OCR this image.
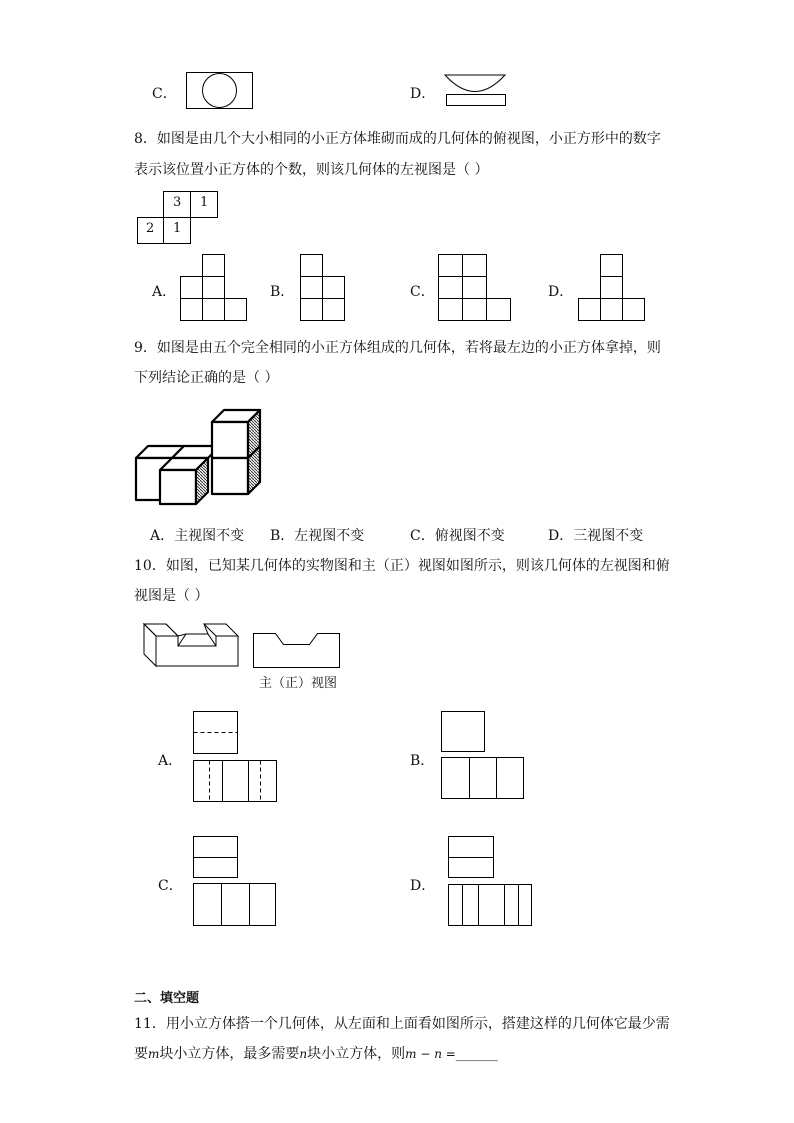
C．	D．
8．如图是由几个大小相同的小正方体堆砌而成的几何体的俯视图，小正方形中的数字
表示该位置小正方体的个数，则该几何体的左视图是（ ）
3 1
2 1
A．	B．	C．	D．
9．如图是由五个完全相同的小正方体组成的几何体，若将最左边的小正方体拿掉，则
下列结论正确的是（ ）
A．主视图不变 B．左视图不变	C．俯视图不变	D．三视图不变
10．如图，已知某几何体的实物图和主（正）视图如图所示，则该几何体的左视图和俯
视图是（ ）
主（正）视图
A．	B．
C．	D．
二、填空题
11．用小立方体搭一个几何体，从左面和上面看如图所示，搭建这样的几何体它最少需
要m块小立方体，最多需要n块小立方体，则m − n =______
